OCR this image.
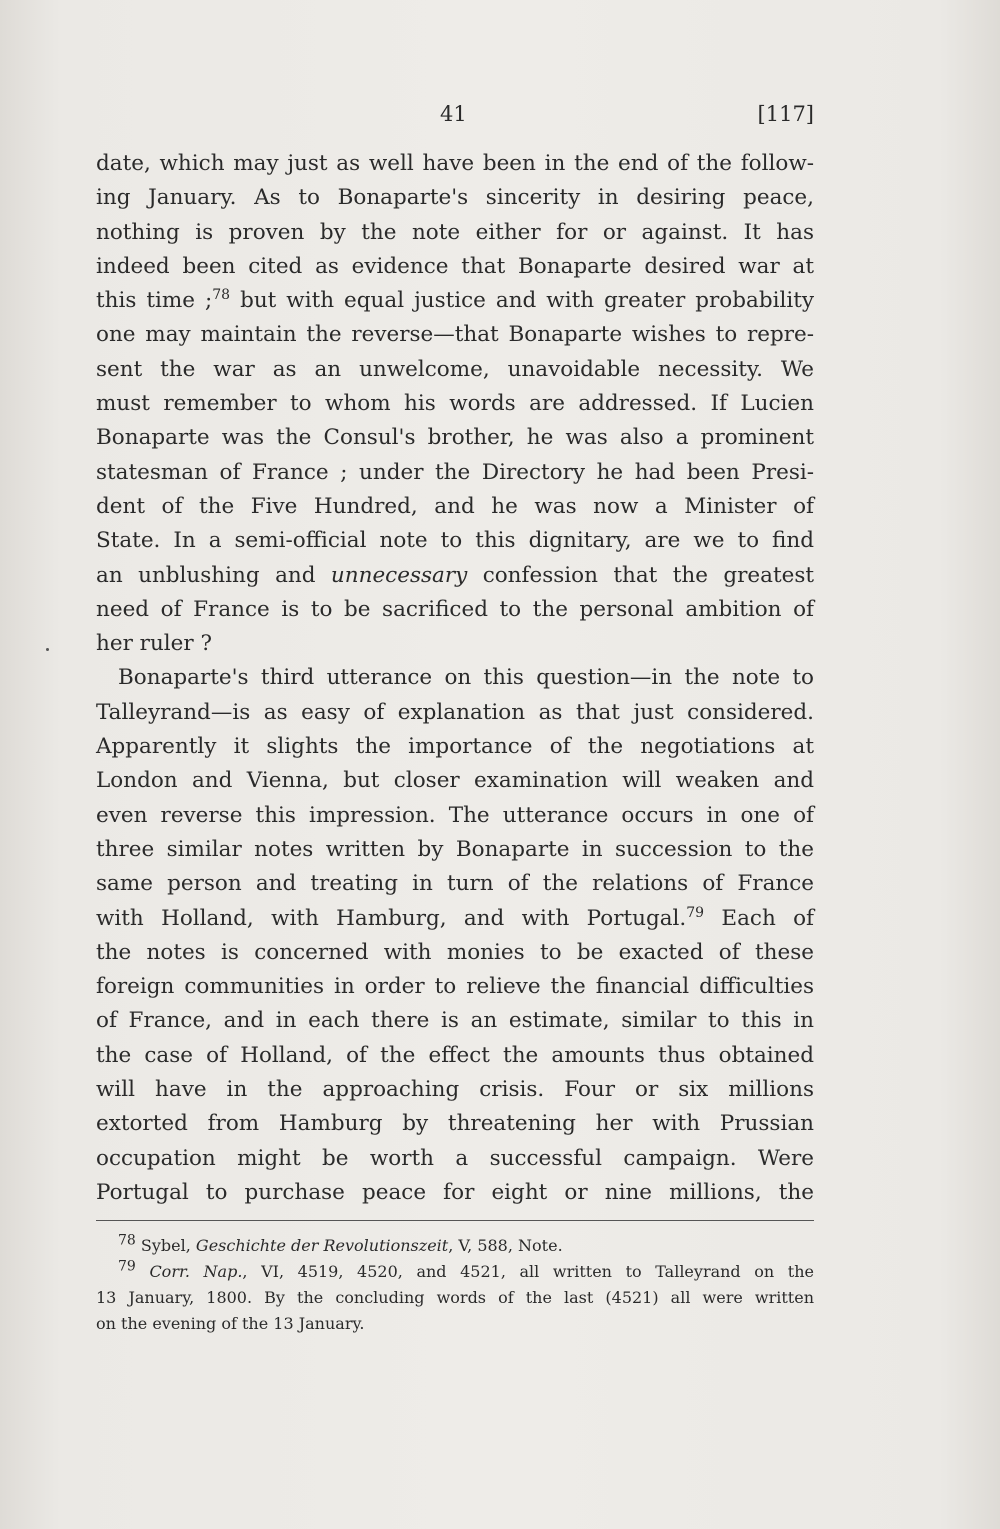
41	[117]
date, which may just as well have been in the end of the follow-
ing January. As to Bonaparte's sincerity in desiring peace,
nothing is proven by the note either for or against. It has
indeed been cited as evidence that Bonaparte desired war at
this time ;$^{78}$ but with equal justice and with greater probability
one may maintain the reverse—that Bonaparte wishes to repre-
sent the war as an unwelcome, unavoidable necessity. We
must remember to whom his words are addressed. If Lucien
Bonaparte was the Consul's brother, he was also a prominent
statesman of France ; under the Directory he had been Presi-
dent of the Five Hundred, and he was now a Minister of
State. In a semi-official note to this dignitary, are we to find
an unblushing and unnecessary confession that the greatest
need of France is to be sacrificed to the personal ambition of
her ruler ?
Bonaparte's third utterance on this question—in the note to
Talleyrand—is as easy of explanation as that just considered.
Apparently it slights the importance of the negotiations at
London and Vienna, but closer examination will weaken and
even reverse this impression. The utterance occurs in one of
three similar notes written by Bonaparte in succession to the
same person and treating in turn of the relations of France
with Holland, with Hamburg, and with Portugal.$^{79}$ Each of
the notes is concerned with monies to be exacted of these
foreign communities in order to relieve the financial difficulties
of France, and in each there is an estimate, similar to this in
the case of Holland, of the effect the amounts thus obtained
will have in the approaching crisis. Four or six millions
extorted from Hamburg by threatening her with Prussian
occupation might be worth a successful campaign. Were
Portugal to purchase peace for eight or nine millions, the
$^{78}$ Sybel, Geschichte der Revolutionszeit, V, 588, Note.
$^{79}$ Corr. Nap., VI, 4519, 4520, and 4521, all written to Talleyrand on the
13 January, 1800. By the concluding words of the last (4521) all were written
on the evening of the 13 January.
